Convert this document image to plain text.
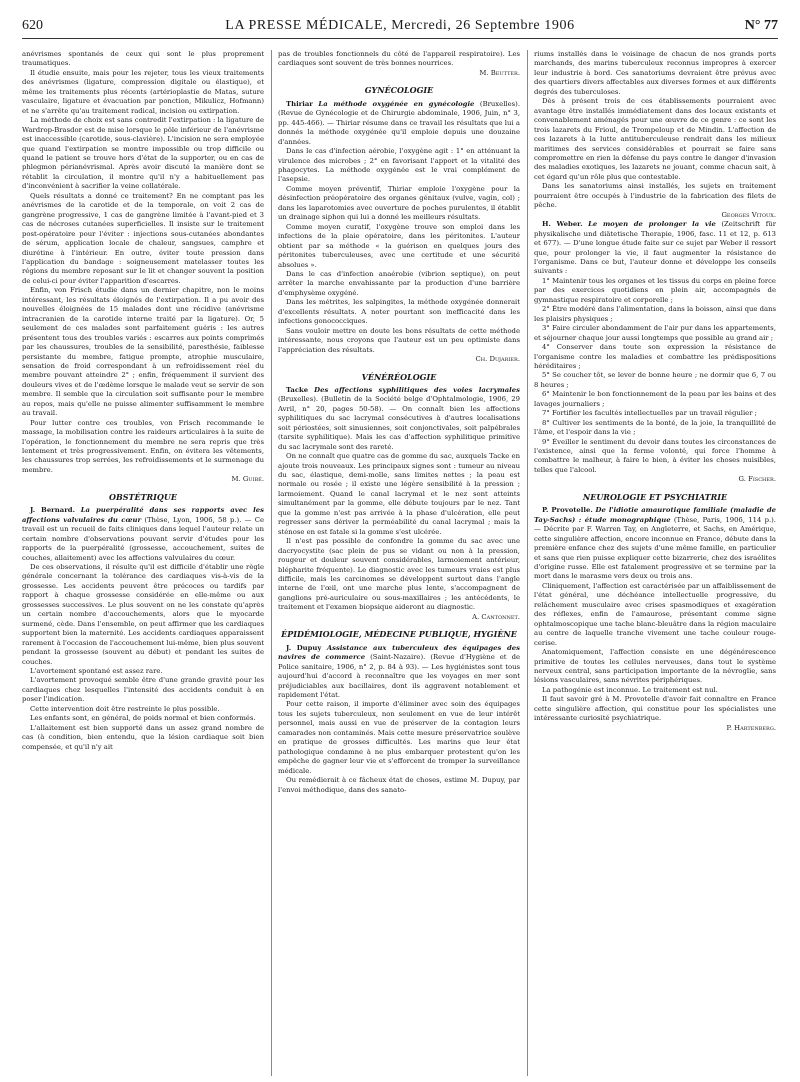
620	LA PRESSE MÉDICALE, Mercredi, 26 Septembre 1906	N° 77

anévrismes spontanés de ceux qui sont le plus proprement traumatiques.

Il étudie ensuite, mais pour les rejeter, tous les vieux traitements des anévrismes (ligature, compression digitale ou élastique), et même les traitements plus récents (artérioplastie de Matas, suture vasculaire, ligature et évacuation par ponction, Mikulicz, Hofmann) et ne s'arrête qu'au traitement radical, incision ou extirpation.

La méthode de choix est sans contredit l'extirpation : la ligature de Wardrop-Brasdor est de mise lorsque le pôle inférieur de l'anévrisme est inaccessible (carotide, sous-clavière). L'incision ne sera employée que quand l'extirpation se montre impossible ou trop difficile ou quand le patient se trouve hors d'état de la supporter, ou en cas de phlegmon périanévrismal. Après avoir discuté la manière dont se rétablit la circulation, il montre qu'il n'y a habituellement pas d'inconvénient à sacrifier la veine collatérale.

Quels résultats a donné ce traitement? En ne comptant pas les anévrismes de la carotide et de la temporale, on voit 2 cas de gangrène progressive, 1 cas de gangrène limitée à l'avant-pied et 3 cas de nécroses cutanées superficielles. Il insiste sur le traitement post-opératoire pour l'éviter : injections sous-cutanées abondantes de sérum, application locale de chaleur, sangsues, camphre et diurétine à l'intérieur. En outre, éviter toute pression dans l'application du bandage : soigneusement matelasser toutes les régions du membre reposant sur le lit et changer souvent la position de celui-ci pour éviter l'apparition d'escarres.

Enfin, von Frisch étudie dans un dernier chapitre, non le moins intéressant, les résultats éloignés de l'extirpation. Il a pu avoir des nouvelles éloignées de 15 malades dont une récidive (anévrisme intracranien de la carotide interne traité par la ligature). Or, 5 seulement de ces malades sont parfaitement guéris : les autres présentent tous des troubles variés : escarres aux points comprimés par les chaussures, troubles de la sensibilité, paresthésie, faiblesse persistante du membre, fatigue prompte, atrophie musculaire, sensation de froid correspondant à un refroidissement réel du membre pouvant atteindre 2° ; enfin, fréquemment il survient des douleurs vives et de l'œdème lorsque le malade veut se servir de son membre. Il semble que la circulation soit suffisante pour le membre au repos, mais qu'elle ne puisse alimenter suffisamment le membre au travail.

Pour lutter contre ces troubles, von Frisch recommande le massage, la mobilisation contre les raideurs articulaires à la suite de l'opération, le fonctionnement du membre ne sera repris que très lentement et très progressivement. Enfin, on évitera les vêtements, les chaussures trop serrées, les refroidissements et le surmenage du membre.

M. Guibé.

OBSTÉTRIQUE

J. Bernard. La puerpéralité dans ses rapports avec les affections valvulaires du cœur (Thèse, Lyon, 1906, 58 p.). — Ce travail est un recueil de faits cliniques dans lequel l'auteur relate un certain nombre d'observations pouvant servir d'études pour les rapports de la puerpéralité (grossesse, accouchement, suites de couches, allaitement) avec les affections valvulaires du cœur.

De ces observations, il résulte qu'il est difficile d'établir une règle générale concernant la tolérance des cardiaques vis-à-vis de la grossesse. Les accidents peuvent être précoces ou tardifs par rapport à chaque grossesse considérée en elle-même ou aux grossesses successives. Le plus souvent on ne les constate qu'après un certain nombre d'accouchements, alors que le myocarde surmené, cède. Dans l'ensemble, on peut affirmer que les cardiaques supportent bien la maternité. Les accidents cardiaques apparaissent rarement à l'occasion de l'accouchement lui-même, bien plus souvent pendant la grossesse (souvent au début) et pendant les suites de couches.

L'avortement spontané est assez rare.

L'avortement provoqué semble être d'une grande gravité pour les cardiaques chez lesquelles l'intensité des accidents conduit à en poser l'indication.

Cette intervention doit être restreinte le plus possible.

Les enfants sont, en général, de poids normal et bien conformés.

L'allaitement est bien supporté dans un assez grand nombre de cas (à condition, bien entendu, que la lésion cardiaque soit bien compensée, et qu'il n'y ait

pas de troubles fonctionnels du côté de l'appareil respiratoire). Les cardiaques sont souvent de très bonnes nourrices.

M. Beutter.

GYNÉCOLOGIE

Thiriar La méthode oxygénée en gynécologie (Bruxelles). (Revue de Gynécologie et de Chirurgie abdominale, 1906, Juin, n° 3, pp. 445-466). — Thiriar résume dans ce travail les résultats que lui a donnés la méthode oxygénée qu'il emploie depuis une douzaine d'années.

Dans le cas d'infection aérobie, l'oxygène agit : 1° en atténuant la virulence des microbes ; 2° en favorisant l'apport et la vitalité des phagocytes. La méthode oxygénée est le vrai complément de l'asepsie.

Comme moyen préventif, Thiriar emploie l'oxygène pour la désinfection préopératoire des organes génitaux (vulve, vagin, col) ; dans les laparotomies avec ouverture de poches purulentes, il établit un drainage siphon qui lui a donné les meilleurs résultats.

Comme moyen curatif, l'oxygène trouve son emploi dans les infections de la plaie opératoire, dans les péritonites. L'auteur obtient par sa méthode « la guérison en quelques jours des péritonites tuberculeuses, avec une certitude et une sécurité absolues ».

Dans le cas d'infection anaérobie (vibrion septique), on peut arrêter la marche envahissante par la production d'une barrière d'emphysème oxygéné.

Dans les métrites, les salpingites, la méthode oxygénée donnerait d'excellents résultats. A noter pourtant son inefficacité dans les infections gonococciques.

Sans vouloir mettre en doute les bons résultats de cette méthode intéressante, nous croyons que l'auteur est un peu optimiste dans l'appréciation des résultats.

Ch. Dujarier.

VÉNÉRÉOLOGIE

Tacke Des affections syphilitiques des voies lacrymales (Bruxelles). (Bulletin de la Société belge d'Ophtalmologie, 1906, 29 Avril, n° 20, pages 50-58). — On connaît bien les affections syphilitiques du sac lacrymal consécutives à d'autres localisations soit périostées, soit sinusiennes, soit conjonctivales, soit palpébrales (tarsite syphilitique). Mais les cas d'affection syphilitique primitive du sac lacrymale sont des rareté.

On ne connaît que quatre cas de gomme du sac, auxquels Tacke en ajoute trois nouveaux. Les principaux signes sont : tumeur au niveau du sac, élastique, demi-molle, sans limites nettes ; la peau est normale ou rosée ; il existe une légère sensibilité à la pression ; larmoiement. Quand le canal lacrymal et le nez sont atteints simultanément par la gomme, elle débute toujours par le nez. Tant que la gomme n'est pas arrivée à la phase d'ulcération, elle peut regresser sans dériver la perméabilité du canal lacrymal ; mais la sténose en est fatale si la gomme s'est ulcérée.

Il n'est pas possible de confondre la gomme du sac avec une dacryocystite (sac plein de pus se vidant ou non à la pression, rougeur et douleur souvent considérables, larmoiement antérieur, blépharite fréquente). Le diagnostic avec les tumeurs vraies est plus difficile, mais les carcinomes se développent surtout dans l'angle interne de l'œil, ont une marche plus lente, s'accompagnent de ganglions pré-auriculaire ou sous-maxillaires ; les antécédents, le traitement et l'examen biopsique aideront au diagnostic.

A. Cantonnet.

ÉPIDÉMIOLOGIE, MÉDECINE PUBLIQUE, HYGIÈNE

J. Dupuy Assistance aux tuberculeux des équipages des navires de commerce (Saint-Nazaire). (Revue d'Hygiène et de Police sanitaire, 1906, n° 2, p. 84 à 93). — Les hygiénistes sont tous aujourd'hui d'accord à reconnaître que les voyages en mer sont préjudiciables aux bacillaires, dont ils aggravent notablement et rapidement l'état.

Pour cette raison, il importe d'éliminer avec soin des équipages tous les sujets tuberculeux, non seulement en vue de leur intérêt personnel, mais aussi en vue de préserver de la contagion leurs camarades non contaminés. Mais cette mesure préservatrice soulève en pratique de grosses difficultés. Les marins que leur état pathologique condamne à ne plus embarquer protestent qu'on les empêche de gagner leur vie et s'efforcent de tromper la surveillance médicale.

Ou remédierait à ce fâcheux état de choses, estime M. Dupuy, par l'envoi méthodique, dans des sanato-

riums installés dans le voisinage de chacun de nos grands ports marchands, des marins tuberculeux reconnus impropres à exercer leur industrie à bord. Ces sanatoriums devraient être prévus avec des quartiers divers affectables aux diverses formes et aux différents degrés des tuberculoses.

Dès à présent trois de ces établissements pourraient avec avantage être installés immédiatement dans des locaux existants et convenablement aménagés pour une œuvre de ce genre : ce sont les trois lazarets du Frioul, de Trompeloup et de Mindin. L'affection de ces lazarets à la lutte antituberculeuse rendrait dans les milieux maritimes des services considérables et pourrait se faire sans compromettre en rien la défense du pays contre le danger d'invasion des maladies exotiques, les lazarets ne jouant, comme chacun sait, à cet égard qu'un rôle plus que contestable.

Dans les sanatoriums ainsi installés, les sujets en traitement pourraient être occupés à l'industrie de la fabrication des filets de pêche.

Georges Vitoux.

H. Weber. Le moyen de prolonger la vie (Zeitschrift für physikalische und diätetische Therapie, 1906, fasc. 11 et 12, p. 613 et 677). — D'une longue étude faite sur ce sujet par Weber il ressort que, pour prolonger la vie, il faut augmenter la résistance de l'organisme. Dans ce but, l'auteur donne et développe les conseils suivants :

1° Maintenir tous les organes et les tissus du corps en pleine force par des exercices quotidiens en plein air, accompagnés de gymnastique respiratoire et corporelle ;

2° Être modéré dans l'alimentation, dans la boisson, ainsi que dans les plaisirs physiques ;

3° Faire circuler abondamment de l'air pur dans les appartements, et séjourner chaque jour aussi longtemps que possible au grand air ;

4° Conserver dans toute son expression la résistance de l'organisme contre les maladies et combattre les prédispositions héréditaires ;

5° Se coucher tôt, se lever de bonne heure ; ne dormir que 6, 7 ou 8 heures ;

6° Maintenir le bon fonctionnement de la peau par les bains et des lavages journaliers ;

7° Fortifier les facultés intellectuelles par un travail régulier ;

8° Cultiver les sentiments de la bonté, de la joie, la tranquillité de l'âme, et l'espoir dans la vie ;

9° Éveiller le sentiment du devoir dans toutes les circonstances de l'existence, ainsi que la ferme volonté, qui force l'homme à combattre le malheur, à faire le bien, à éviter les choses nuisibles, telles que l'alcool.

G. Fischer.

NEUROLOGIE ET PSYCHIATRIE

P. Provotelle. De l'idiotie amaurotique familiale (maladie de Tay-Sachs) : étude monographique (Thèse, Paris, 1906, 114 p.). — Décrite par F. Warren Tay, en Angleterre, et Sachs, en Amérique, cette singulière affection, encore inconnue en France, débute dans la première enfance chez des sujets d'une même famille, en particulier et sans que rien puisse expliquer cette bizarrerie, chez des israélites d'origine russe. Elle est fatalement progressive et se termine par la mort dans le marasme vers deux ou trois ans.

Cliniquement, l'affection est caractérisée par un affaiblissement de l'état général, une déchéance intellectuelle progressive, du relâchement musculaire avec crises spasmodiques et exagération des réflexes, enfin de l'amaurose, présentant comme signe ophtalmoscopique une tache blanc-bleuâtre dans la région maculaire au centre de laquelle tranche vivement une tache couleur rouge-cerise.

Anatomiquement, l'affection consiste en une dégénérescence primitive de toutes les cellules nerveuses, dans tout le système nerveux central, sans participation importante de la névroglie, sans lésions vasculaires, sans névrites périphériques.

La pathogénie est inconnue. Le traitement est nul.

Il faut savoir gré à M. Provotelle d'avoir fait connaître en France cette singulière affection, qui constitue pour les spécialistes une intéressante curiosité psychiatrique.

P. Hartenberg.
